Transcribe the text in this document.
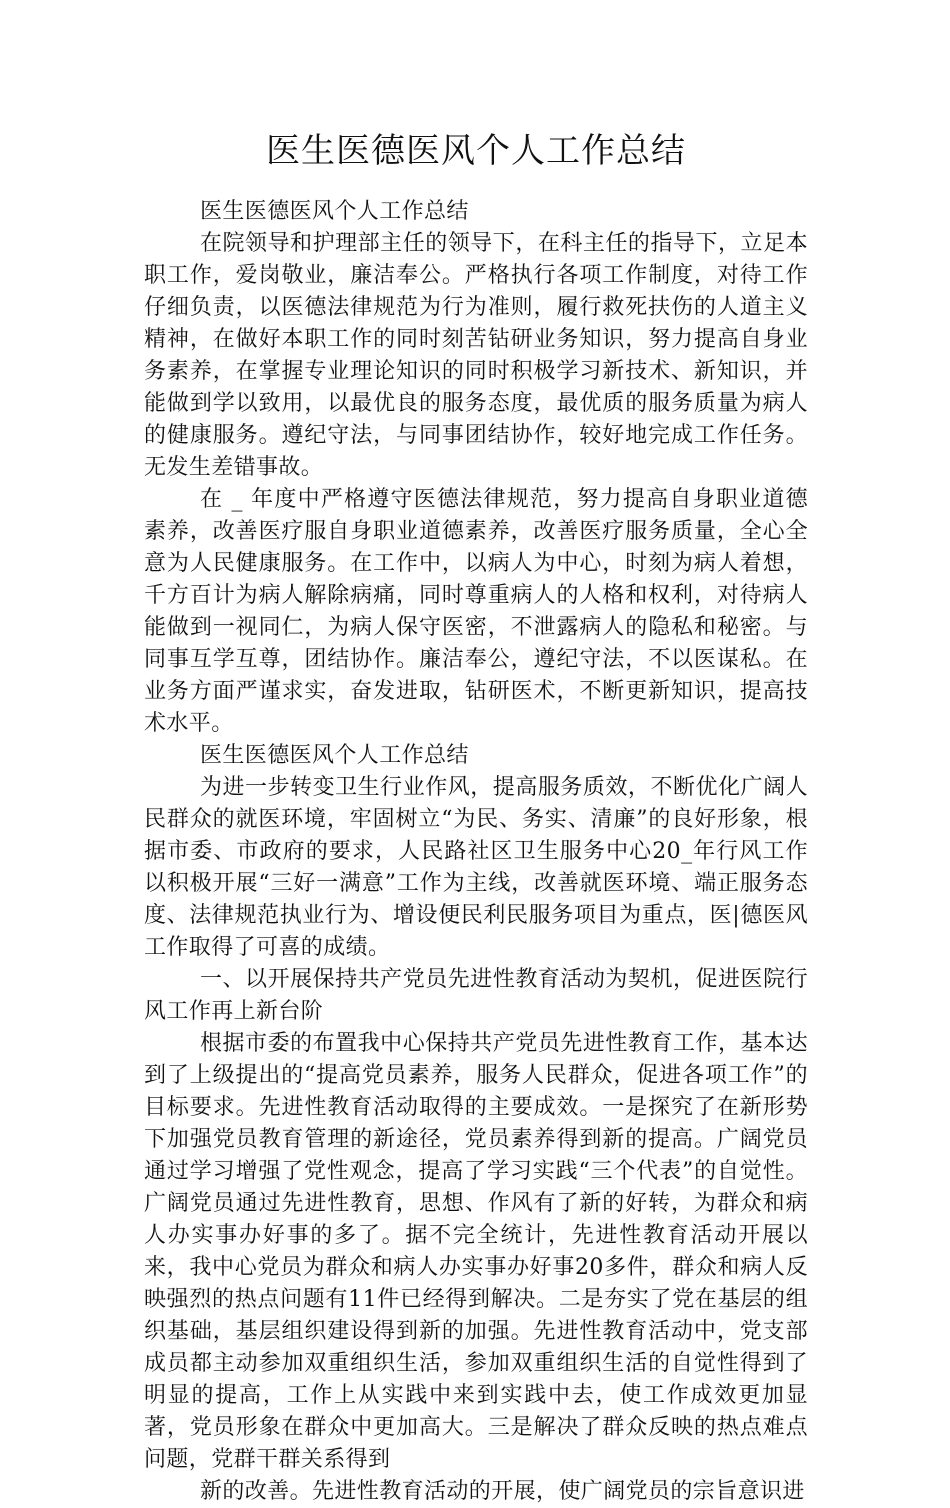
医生医德医风个人工作总结

医生医德医风个人工作总结

在院领导和护理部主任的领导下，在科主任的指导下，立足本职工作，爱岗敬业，廉洁奉公。严格执行各项工作制度，对待工作仔细负责，以医德法律规范为行为准则，履行救死扶伤的人道主义精神，在做好本职工作的同时刻苦钻研业务知识，努力提高自身业务素养，在掌握专业理论知识的同时积极学习新技术、新知识，并能做到学以致用，以最优良的服务态度，最优质的服务质量为病人的健康服务。遵纪守法，与同事团结协作，较好地完成工作任务。无发生差错事故。

在 _ 年度中严格遵守医德法律规范，努力提高自身职业道德素养，改善医疗服自身职业道德素养，改善医疗服务质量，全心全意为人民健康服务。在工作中，以病人为中心，时刻为病人着想，千方百计为病人解除病痛，同时尊重病人的人格和权利，对待病人能做到一视同仁，为病人保守医密，不泄露病人的隐私和秘密。与同事互学互尊，团结协作。廉洁奉公，遵纪守法，不以医谋私。在业务方面严谨求实，奋发进取，钻研医术，不断更新知识，提高技术水平。

医生医德医风个人工作总结

为进一步转变卫生行业作风，提高服务质效，不断优化广阔人民群众的就医环境，牢固树立“为民、务实、清廉”的良好形象，根据市委、市政府的要求，人民路社区卫生服务中心20_年行风工作以积极开展“三好一满意”工作为主线，改善就医环境、端正服务态度、法律规范执业行为、增设便民利民服务项目为重点，医|德医风工作取得了可喜的成绩。

一、以开展保持共产党员先进性教育活动为契机，促进医院行风工作再上新台阶

根据市委的布置我中心保持共产党员先进性教育工作，基本达到了上级提出的“提高党员素养，服务人民群众，促进各项工作”的目标要求。先进性教育活动取得的主要成效。一是探究了在新形势下加强党员教育管理的新途径，党员素养得到新的提高。广阔党员通过学习增强了党性观念，提高了学习实践“三个代表”的自觉性。广阔党员通过先进性教育，思想、作风有了新的好转，为群众和病人办实事办好事的多了。据不完全统计，先进性教育活动开展以来，我中心党员为群众和病人办实事办好事20多件，群众和病人反映强烈的热点问题有11件已经得到解决。二是夯实了党在基层的组织基础，基层组织建设得到新的加强。先进性教育活动中，党支部成员都主动参加双重组织生活，参加双重组织生活的自觉性得到了明显的提高，工作上从实践中来到实践中去，使工作成效更加显著，党员形象在群众中更加高大。三是解决了群众反映的热点难点问题，党群干群关系得到

新的改善。先进性教育活动的开展，使广阔党员的宗旨意识进
